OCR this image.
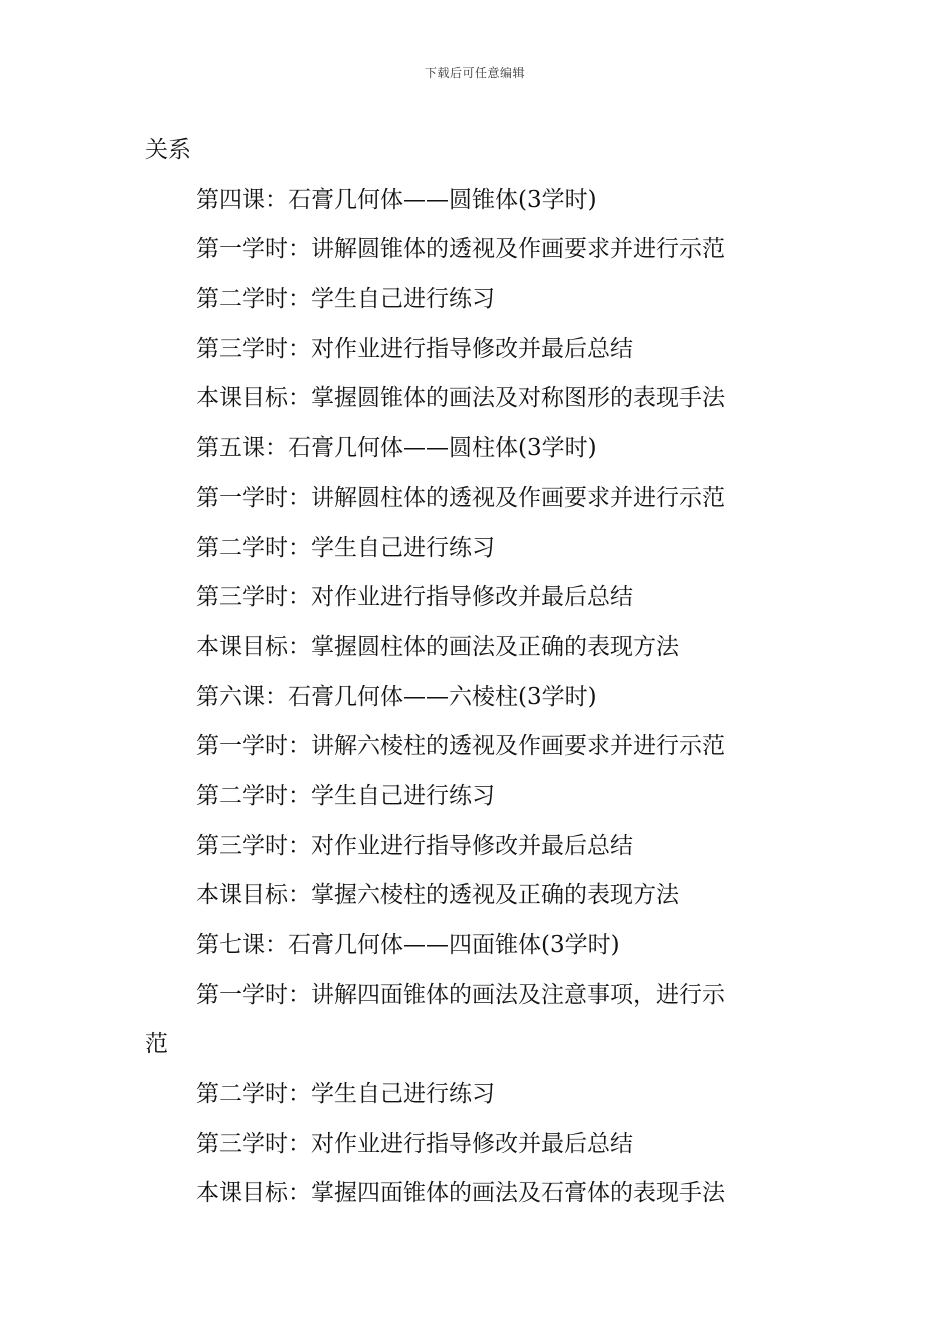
下载后可任意编辑
关系
第四课：石膏几何体——圆锥体(3学时)
第一学时：讲解圆锥体的透视及作画要求并进行示范
第二学时：学生自己进行练习
第三学时：对作业进行指导修改并最后总结
本课目标：掌握圆锥体的画法及对称图形的表现手法
第五课：石膏几何体——圆柱体(3学时)
第一学时：讲解圆柱体的透视及作画要求并进行示范
第二学时：学生自己进行练习
第三学时：对作业进行指导修改并最后总结
本课目标：掌握圆柱体的画法及正确的表现方法
第六课：石膏几何体——六棱柱(3学时)
第一学时：讲解六棱柱的透视及作画要求并进行示范
第二学时：学生自己进行练习
第三学时：对作业进行指导修改并最后总结
本课目标：掌握六棱柱的透视及正确的表现方法
第七课：石膏几何体——四面锥体(3学时)
第一学时：讲解四面锥体的画法及注意事项，进行示
范
第二学时：学生自己进行练习
第三学时：对作业进行指导修改并最后总结
本课目标：掌握四面锥体的画法及石膏体的表现手法
